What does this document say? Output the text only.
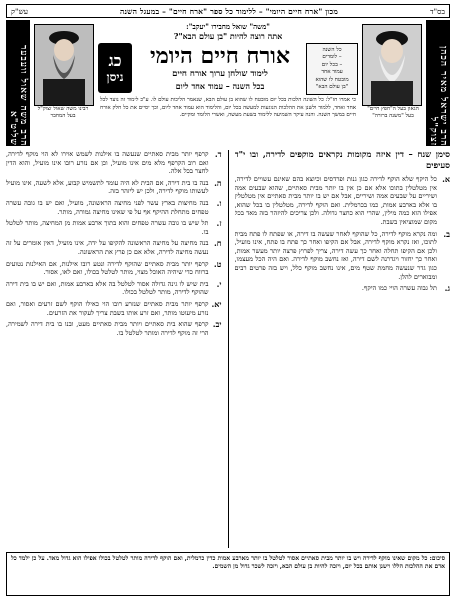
בס"ד
מכון "ארח חיים היומי" – ללימוד כל ספר "ארח חיים" – במעגל השנה
עש"ק
הרב ישראל מאיר הכהן זצוק"ל
הרב משה שאול וועבער שליט"א
הגאון בעל ה"חפץ חיים" בעל "משנה ברורה"
רבינו משה שאול זצוק"ל בעל המחבר
"משה" שואל מחבירו "יעקב":
אתה רוצה להיות "בן עולם הבא"?
כל השנה
– לומדים
– בכל יום
עמוד אחד
מובטח לו שהוא
"בן עולם הבא"
אורח חיים היומי
לימוד שולחן ערוך אורח חיים
בכל השנה – עמוד אחד ליום
כג
ניסן
כי אמרו חז"ל: כל השונה הלכות בכל יום מובטח לו שהוא בן עולם הבא, שנאמר הליכות עולם לו. ע"כ לימוד זה נועד לכל אחד ואחד, ללמוד ולשנן את ההלכות הנוגעות למעשה בכל יום, והלימוד הוא עמוד אחד ליום, וכך יסיים את כל חלק אורח חיים במשך השנה. והנה עיקר השמיעה ללימוד בשעת מעשה, ואשרי הלומד ומקיים.
סימן שנח – דין איזה מקומות נקראים מוקפים לדירה, ובו י"ד סעיפים
א.
כל היקף שלא הוקף לדירה כגון גנות ופרדסים וכיוצא בהם שאינם עשויים לדירה, אין מטלטלין בתוכו אלא אם כן אין בו יותר מבית סאתיים, שהוא שבעים אמה ושיריים על שבעים אמה ושיריים, אבל אם יש בו יותר מבית סאתיים אין מטלטלין בו אלא בארבע אמות, כמו בכרמלית. ואם הוקף לדירה, מטלטלין בו בכל שהוא, אפילו הוא כמה מילין, שהרי הוא כחצר גדולה. ולכן צריכים להיזהר בזה מאד בכל מקום שמוציאין בשבת.
ב.
ומה נקרא מוקף לדירה, כל שהוקף לאחר שעשה בו דירה, או שפתח לו פתח מבית לתוכו, ואז נקרא מוקף לדירה, אבל אם הקיפו ואחר כך פתח בו פתח, אינו מועיל, ולכן אם הקיפו תחלה ואחר כך עשה דירה, צריך לפרוץ פרצה יותר מעשר אמות, ואחר כך יחזור ויגדרנה לשם דירה, ואז נחשב מוקף לדירה. ואם היה הכל מעצמו, כגון גדר שנעשה מחמת שטף מים, אינו נחשב מוקף כלל, ויש בזה פרטים רבים ומבוארים להלן.
ג.
תל גבוה עשרה הויי כמו היקף.
ד.
קרפף יותר מבית סאתיים שנעשה בו אילנות לשמש אוירו לא הוי מוקף לדירה, ואם רוב הקרפף מלא מים אינו מועיל, וכן אם נזרע רובו אינו מועיל, והוא הדין לחצר בכל אלה.
ה.
בנה בו בית דירה, אם הבית לא היה עומד לתשמיש קבוע, אלא לשעה, אינו מועיל לעשותו מוקף לדירה, ולכן יש ליזהר בזה.
ו.
בנה מחיצות בארץ עשר לפני מחיצה הראשונה, מועיל, ואם יש בו גובה עשרה טפחים מתחלת ההיקף אף על פי שאינו מחיצה גמורה, מותר.
ז.
תל שיש בו גובה עשרה טפחים והוא בתוך ארבע אמות מן המחיצה, מותר לטלטל בו.
ח.
בנה מחיצה על מחיצה הראשונה להקיפו על ידה, אינו מועיל, דאין אומרים על זה נעשה מחיצה לדירה, אלא אם כן פרץ את הראשונה.
ט.
קרפף יותר מבית סאתיים שהוקף לדירה ונטע רובו אילנות, אם האילנות נטועים ברווח כדי שיהיה האוכל מצוי, מותר לטלטל בכולו, ואם לאו, אסור.
י.
בית שיש לו גינה גדולה אסור לטלטל בה אלא בארבע אמות, ואם יש בו בית דירה שהוקף לדירה, מותר לטלטל בכולו.
יא.
קרפף יותר מבית סאתיים שנזרע רובו הוי כאילו הוקף לשם זרעים ואסור, ואם נזרע מיעוטו מותר, ואם זרע אותו בשבת צריך לעקור את הזרעים.
יב.
קרפף שהוא בית סאתיים ויותר מבית סאתיים מעט, ובנו בו בית דירה לשמירה, הרי זה מוקף לדירה ומותר לטלטל בו.
סיכום: כל מקום שאינו מוקף לדירה ויש בו יותר מבית סאתיים אסור לטלטל בו יותר מארבע אמות כדין כרמלית, ואם הוקף לדירה מותר לטלטל בכולו אפילו הוא גדול מאד. על כן ילמד כל אדם את ההלכות הללו וישנן אותם בכל יום, ויזכה להיות בן עולם הבא, ויזכה לשכר גדול מן השמים.
